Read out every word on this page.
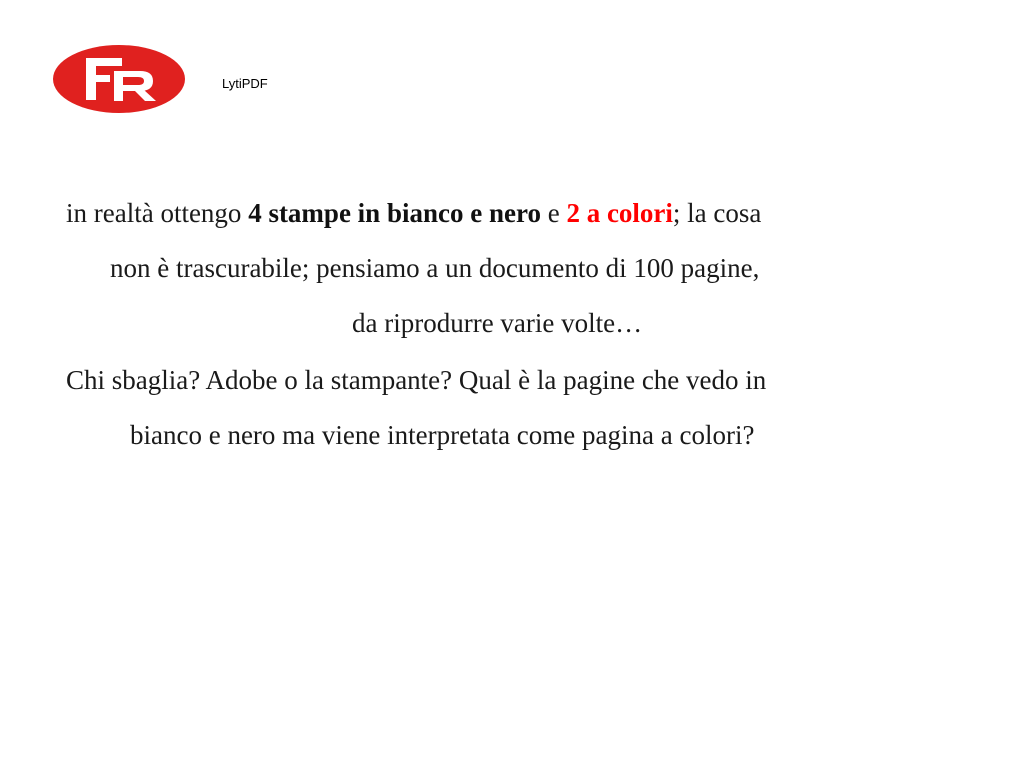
LytiPDF
in realtà ottengo 4 stampe in bianco e nero e 2 a colori; la cosa
non è trascurabile; pensiamo a un documento di 100 pagine,
da riprodurre varie volte…
Chi sbaglia? Adobe o la stampante? Qual è la pagine che vedo in
bianco e nero ma viene interpretata come pagina a colori?
